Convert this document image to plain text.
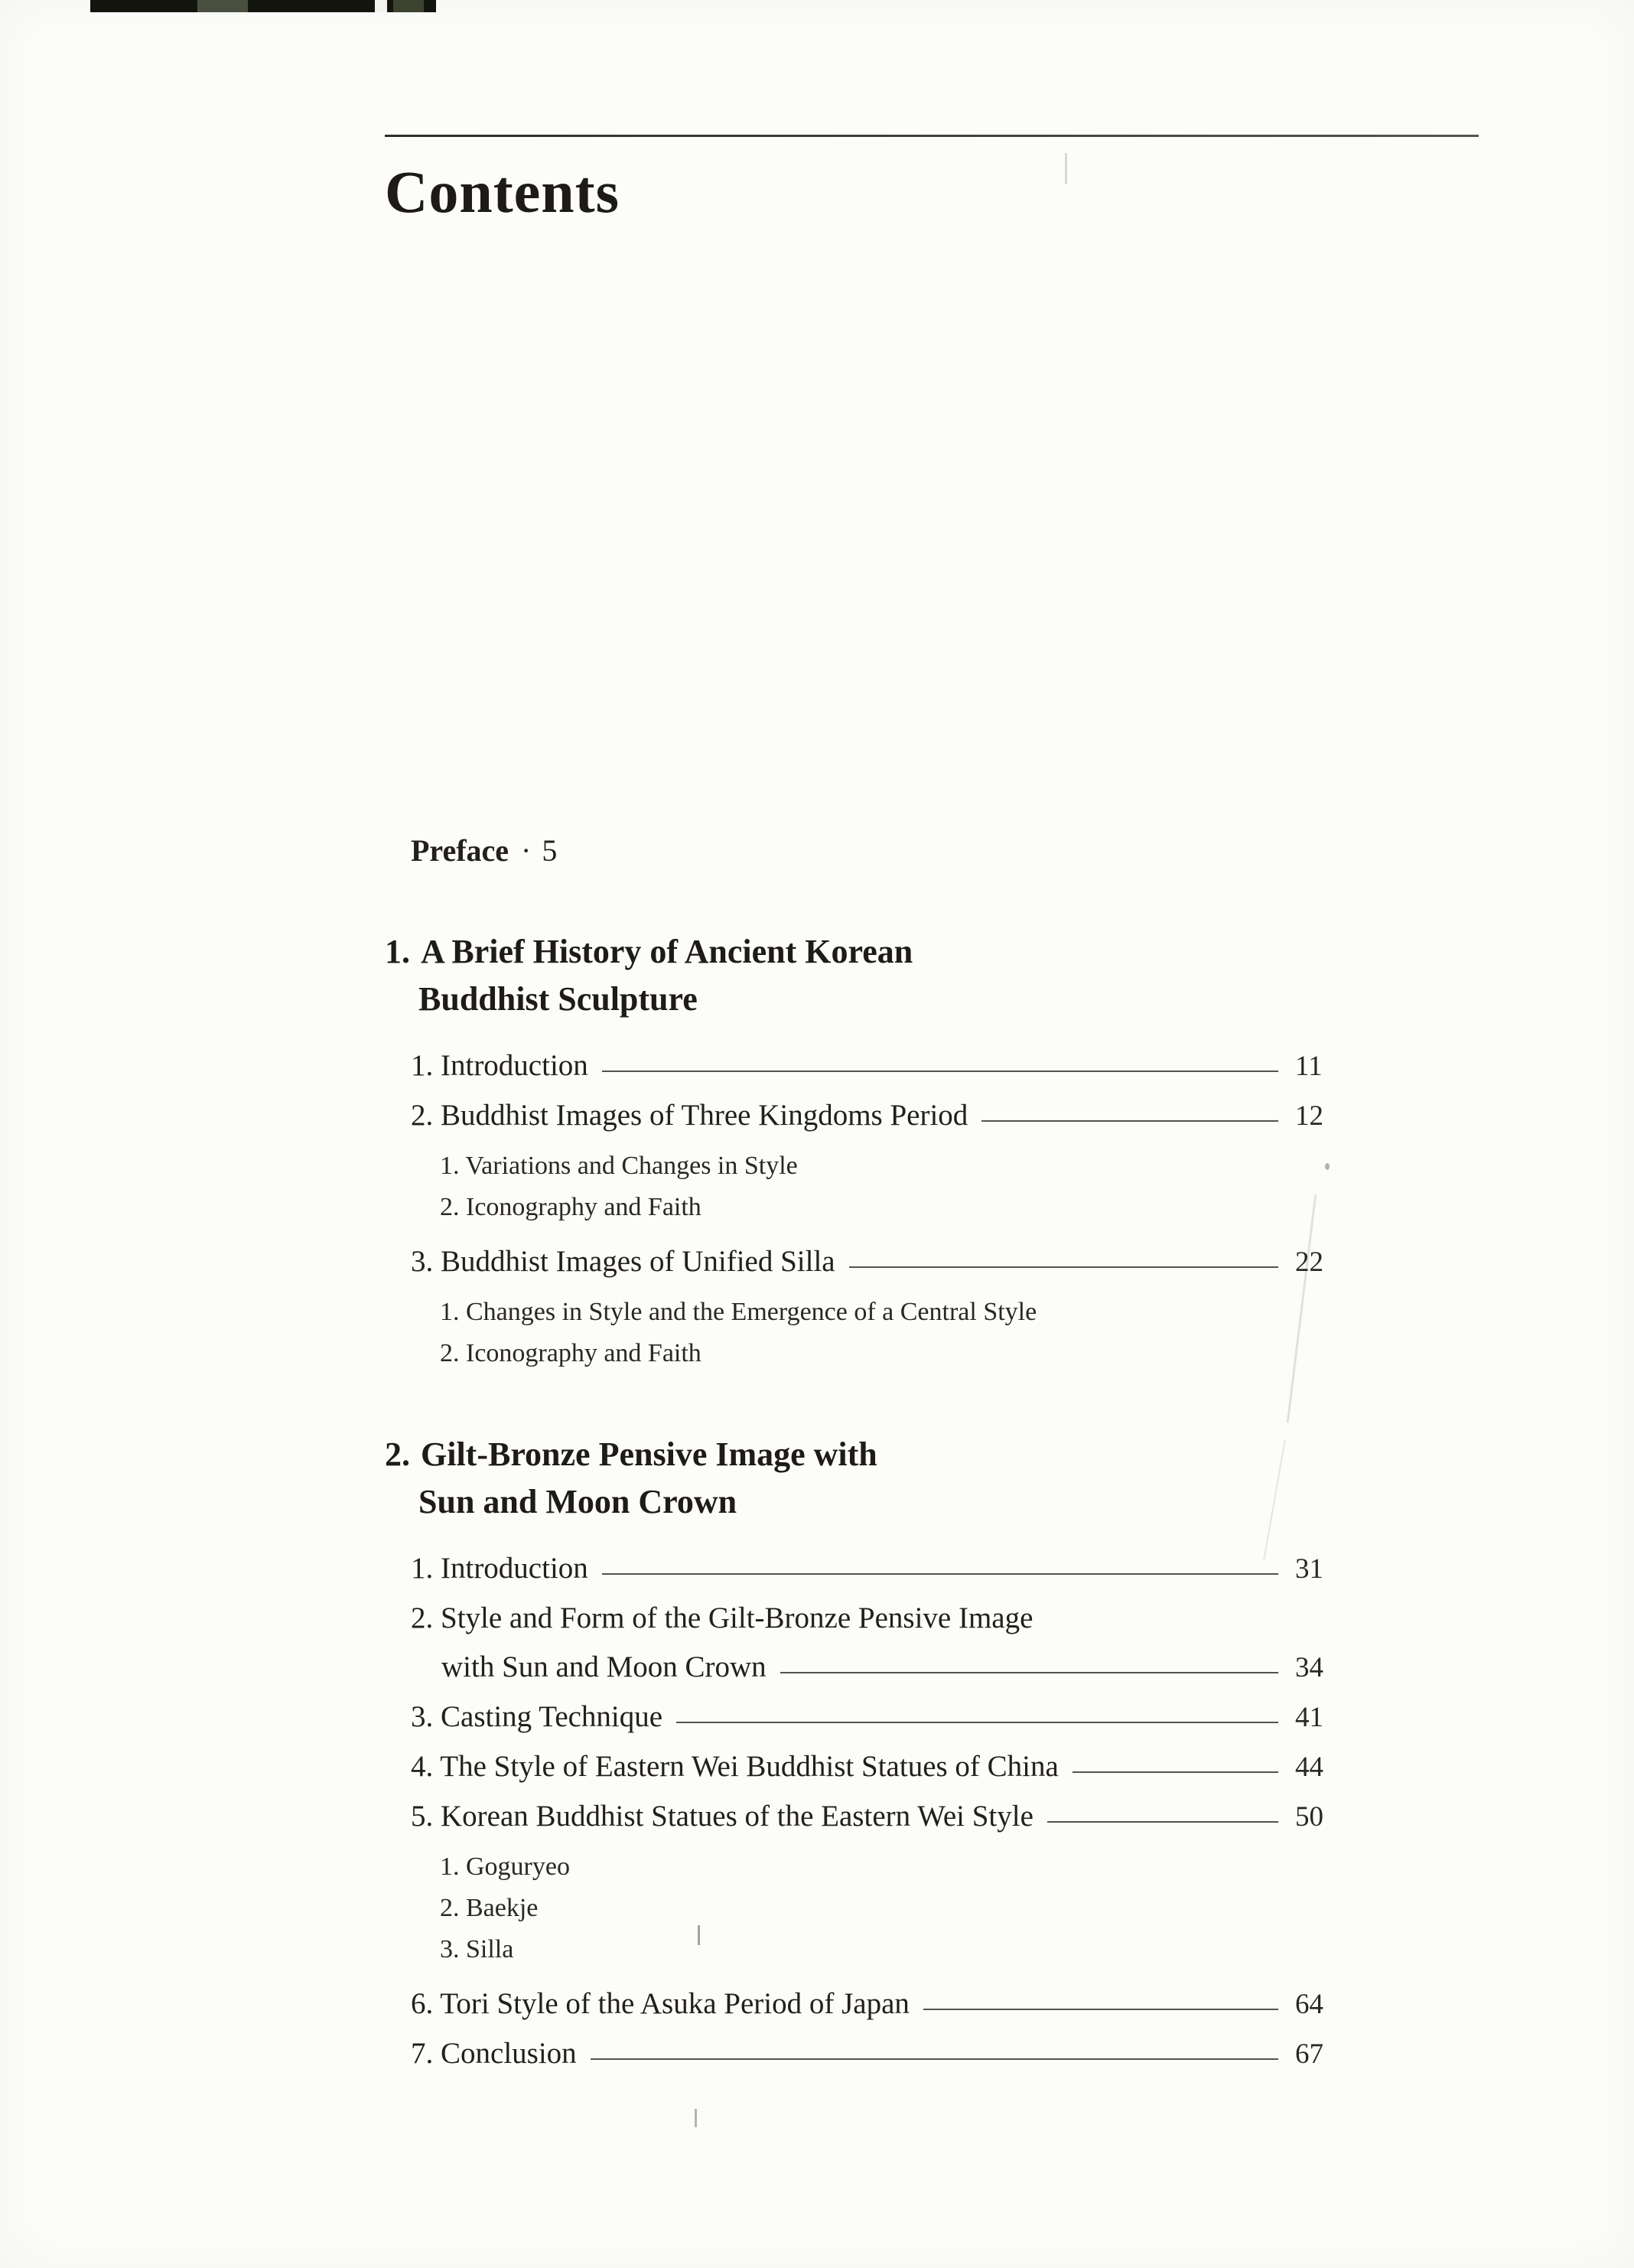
Contents
Preface · 5
1. A Brief History of Ancient Korean
Buddhist Sculpture
1. Introduction	11
2. Buddhist Images of Three Kingdoms Period	12
1. Variations and Changes in Style
2. Iconography and Faith
3. Buddhist Images of Unified Silla	22
1. Changes in Style and the Emergence of a Central Style
2. Iconography and Faith
2. Gilt-Bronze Pensive Image with
Sun and Moon Crown
1. Introduction	31
2. Style and Form of the Gilt-Bronze Pensive Image
with Sun and Moon Crown	34
3. Casting Technique	41
4. The Style of Eastern Wei Buddhist Statues of China	44
5. Korean Buddhist Statues of the Eastern Wei Style	50
1. Goguryeo
2. Baekje
3. Silla
6. Tori Style of the Asuka Period of Japan	64
7. Conclusion	67
